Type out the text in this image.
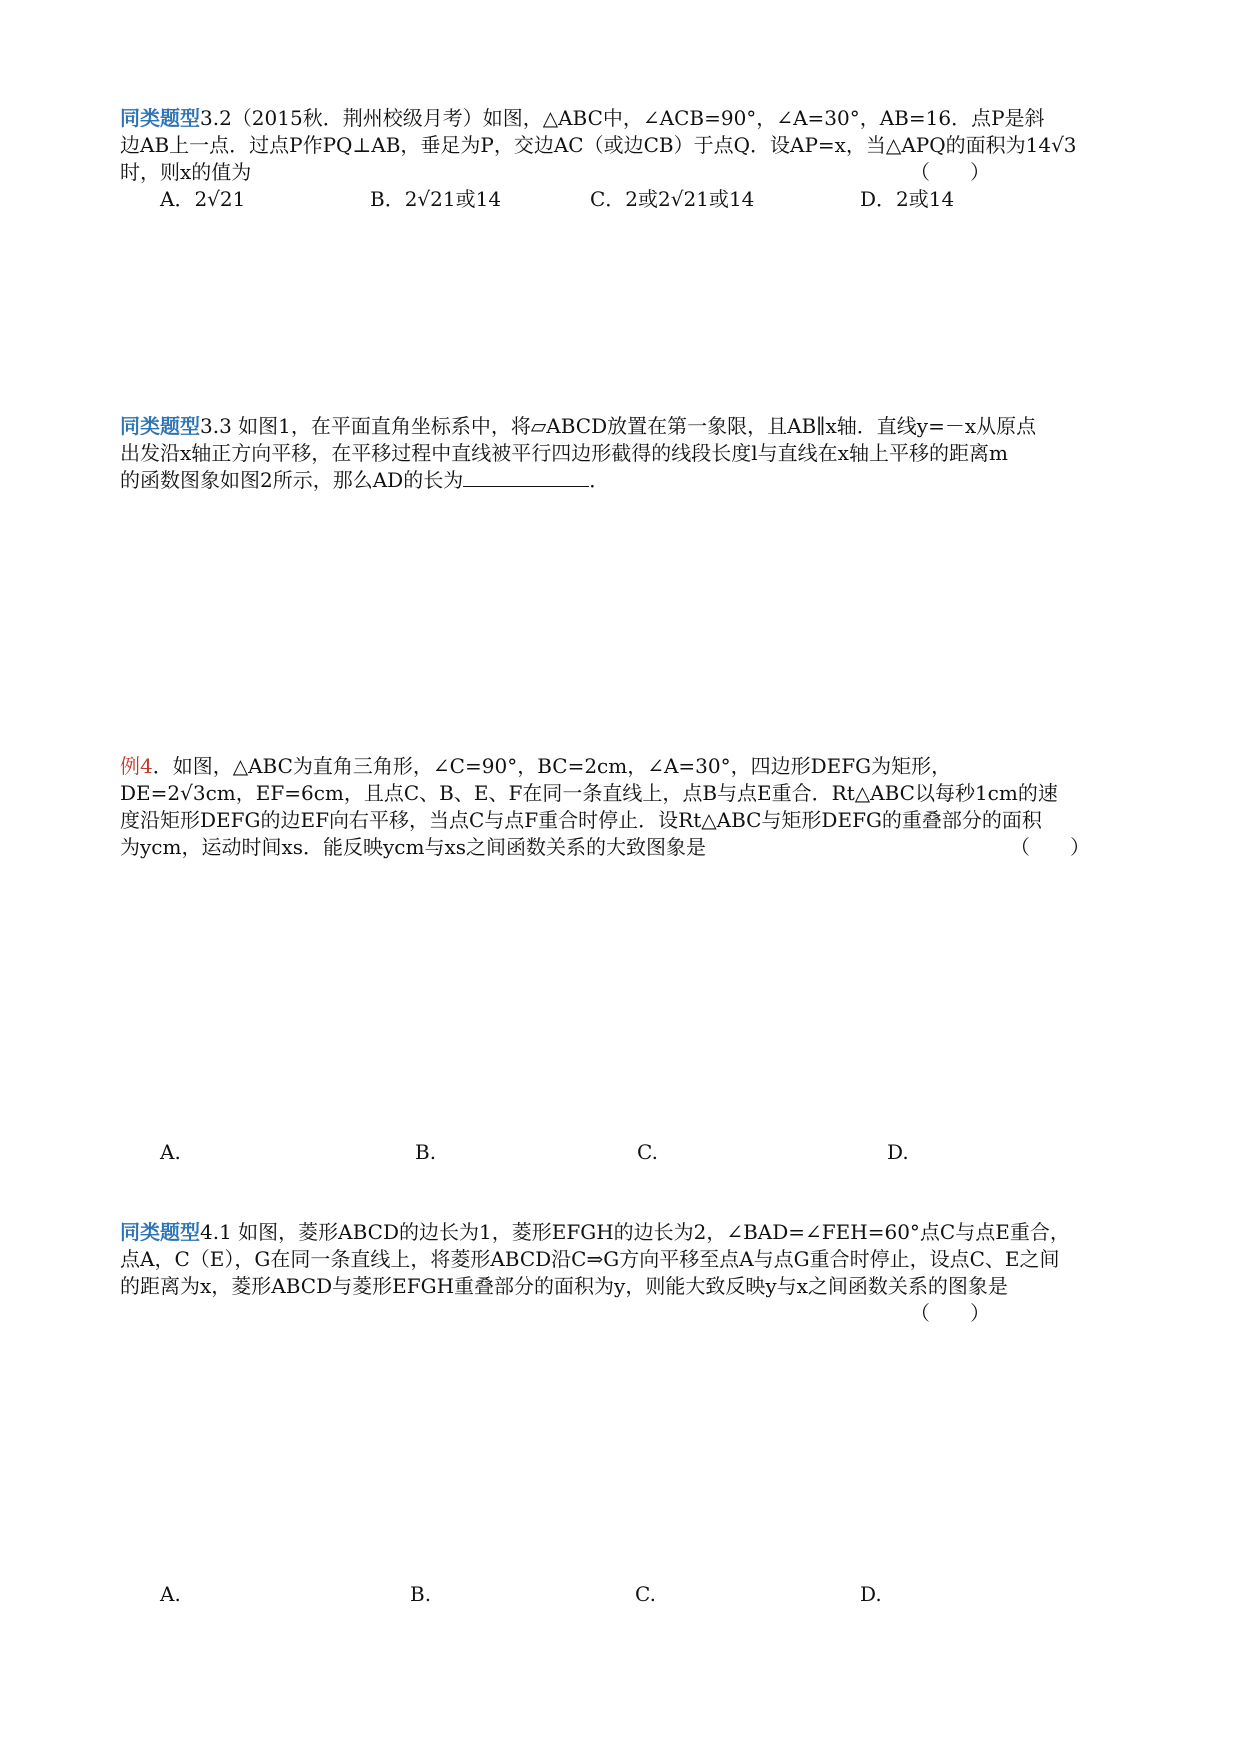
同类题型3.2（2015秋．荆州校级月考）如图，△ABC中，∠ACB=90°，∠A=30°，AB=16．点P是斜
边AB上一点．过点P作PQ⊥AB，垂足为P，交边AC（或边CB）于点Q．设AP=x，当△APQ的面积为14√3
时，则x的值为	（　　）
A．2√21	B．2√21或14	C．2或2√21或14	D．2或14
同类题型3.3 如图1，在平面直角坐标系中，将▱ABCD放置在第一象限，且AB∥x轴．直线y=－x从原点
出发沿x轴正方向平移，在平移过程中直线被平行四边形截得的线段长度l与直线在x轴上平移的距离m
的函数图象如图2所示，那么AD的长为	．
例4．如图，△ABC为直角三角形，∠C=90°，BC=2cm，∠A=30°，四边形DEFG为矩形，
DE=2√3cm，EF=6cm，且点C、B、E、F在同一条直线上，点B与点E重合．Rt△ABC以每秒1cm的速
度沿矩形DEFG的边EF向右平移，当点C与点F重合时停止．设Rt△ABC与矩形DEFG的重叠部分的面积
为ycm，运动时间xs．能反映ycm与xs之间函数关系的大致图象是	（　　）
A.	B.	C.	D.
同类题型4.1 如图，菱形ABCD的边长为1，菱形EFGH的边长为2，∠BAD=∠FEH=60°点C与点E重合，
点A，C（E），G在同一条直线上，将菱形ABCD沿C⇒G方向平移至点A与点G重合时停止，设点C、E之间
的距离为x，菱形ABCD与菱形EFGH重叠部分的面积为y，则能大致反映y与x之间函数关系的图象是
（　　）
A.	B.	C.	D.
